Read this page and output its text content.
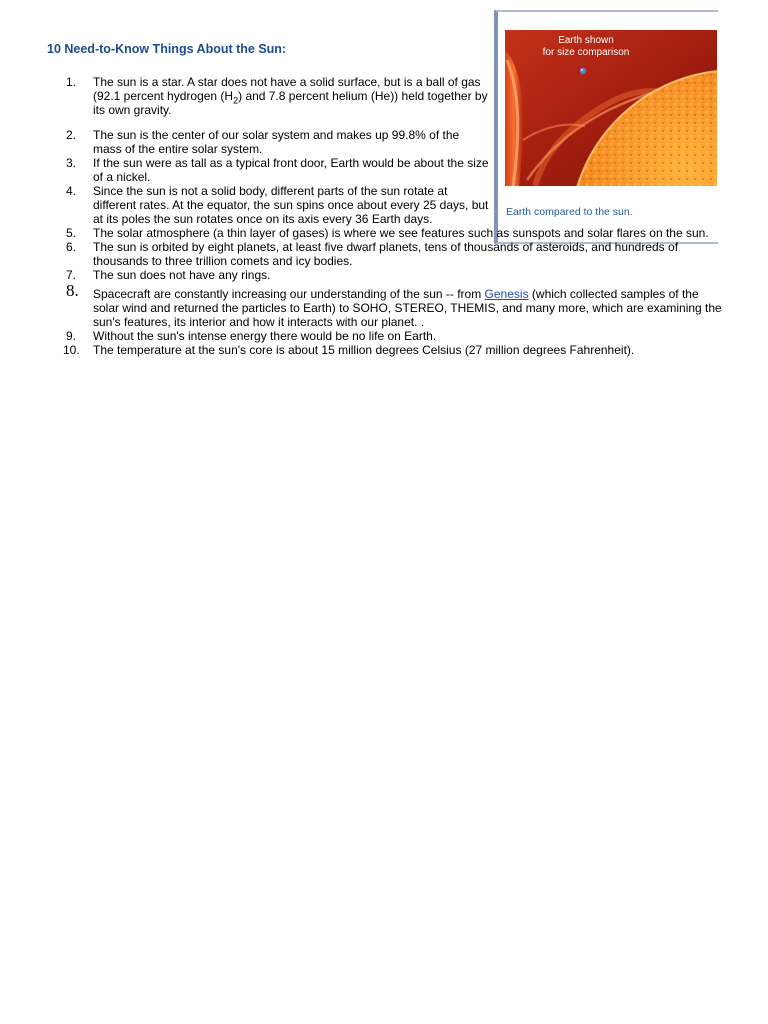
10 Need-to-Know Things About the Sun:
Earth shown
for size comparison
Earth compared to the sun.
1.	The sun is a star. A star does not have a solid surface, but is a ball of gas (92.1 percent hydrogen $(H_2)$ and 7.8 percent helium (He)) held together by its own gravity.
2.	The sun is the center of our solar system and makes up 99.8% of the mass of the entire solar system.
3.	If the sun were as tall as a typical front door, Earth would be about the size of a nickel.
4.	Since the sun is not a solid body, different parts of the sun rotate at different rates. At the equator, the sun spins once about every 25 days, but at its poles the sun rotates once on its axis every 36 Earth days.
5.	The solar atmosphere (a thin layer of gases) is where we see features such as sunspots and solar flares on the sun.
6.	The sun is orbited by eight planets, at least five dwarf planets, tens of thousands of asteroids, and hundreds of thousands to three trillion comets and icy bodies.
7.	The sun does not have any rings.
8.	Spacecraft are constantly increasing our understanding of the sun -- from Genesis (which collected samples of the solar wind and returned the particles to Earth) to SOHO, STEREO, THEMIS, and many more, which are examining the sun's features, its interior and how it interacts with our planet. .
9.	Without the sun's intense energy there would be no life on Earth.
10.	The temperature at the sun's core is about 15 million degrees Celsius (27 million degrees Fahrenheit).
